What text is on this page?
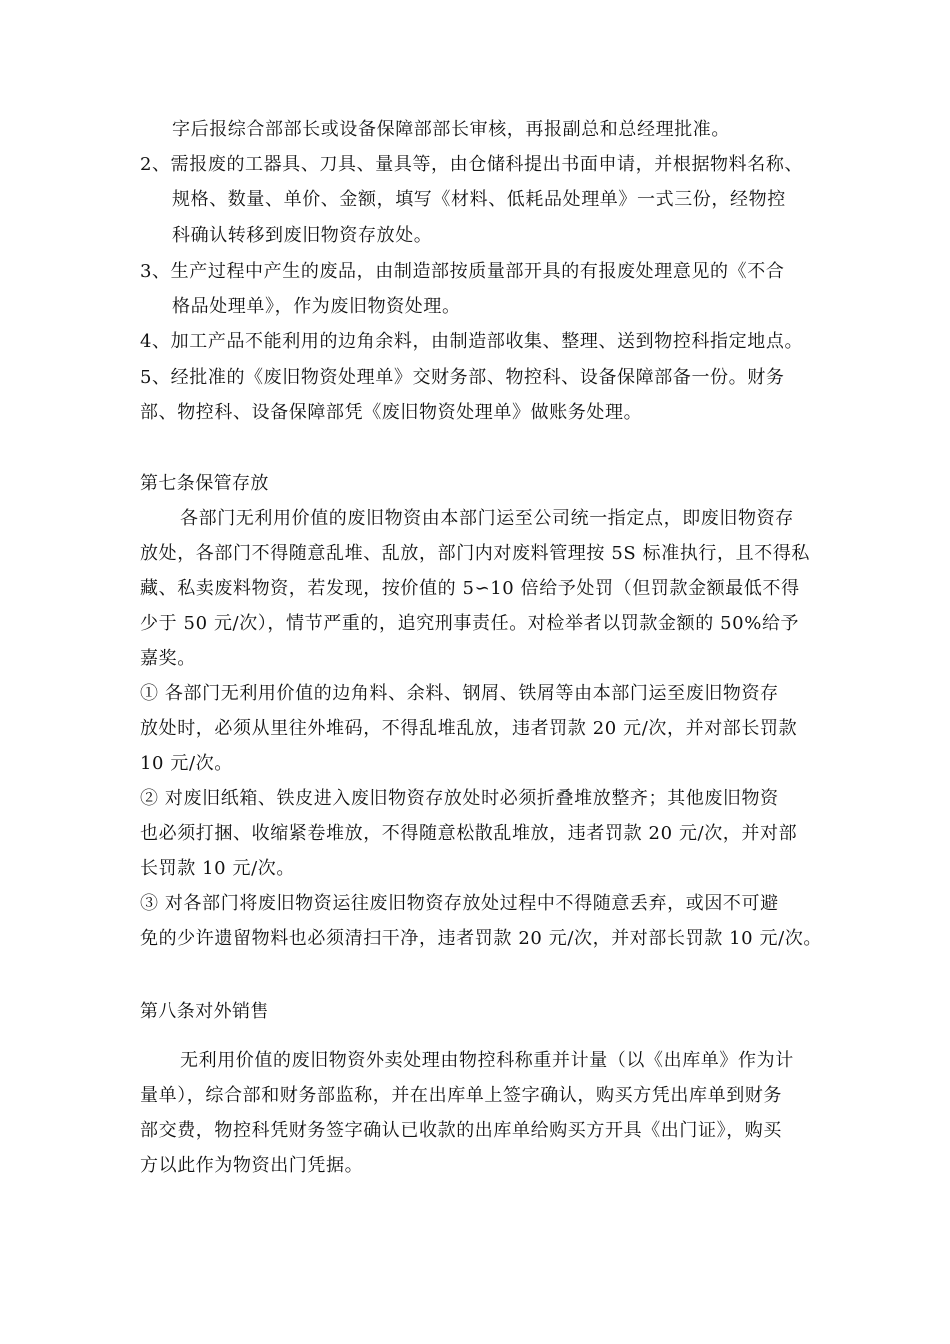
字后报综合部部长或设备保障部部长审核，再报副总和总经理批准。
2、需报废的工器具、刀具、量具等，由仓储科提出书面申请，并根据物料名称、
规格、数量、单价、金额，填写《材料、低耗品处理单》一式三份，经物控
科确认转移到废旧物资存放处。
3、生产过程中产生的废品，由制造部按质量部开具的有报废处理意见的《不合
格品处理单》，作为废旧物资处理。
4、加工产品不能利用的边角余料，由制造部收集、整理、送到物控科指定地点。
5、经批准的《废旧物资处理单》交财务部、物控科、设备保障部备一份。财务
部、物控科、设备保障部凭《废旧物资处理单》做账务处理。
第七条保管存放
各部门无利用价值的废旧物资由本部门运至公司统一指定点，即废旧物资存
放处，各部门不得随意乱堆、乱放，部门内对废料管理按 5S 标准执行，且不得私
藏、私卖废料物资，若发现，按价值的 5∽10 倍给予处罚（但罚款金额最低不得
少于 50 元/次），情节严重的，追究刑事责任。对检举者以罚款金额的 50%给予
嘉奖。
① 各部门无利用价值的边角料、余料、钢屑、铁屑等由本部门运至废旧物资存
放处时，必须从里往外堆码，不得乱堆乱放，违者罚款 20 元/次，并对部长罚款
10 元/次。
② 对废旧纸箱、铁皮进入废旧物资存放处时必须折叠堆放整齐；其他废旧物资
也必须打捆、收缩紧卷堆放，不得随意松散乱堆放，违者罚款 20 元/次，并对部
长罚款 10 元/次。
③ 对各部门将废旧物资运往废旧物资存放处过程中不得随意丢弃，或因不可避
免的少许遗留物料也必须清扫干净，违者罚款 20 元/次，并对部长罚款 10 元/次。
第八条对外销售
无利用价值的废旧物资外卖处理由物控科称重并计量（以《出库单》作为计
量单），综合部和财务部监称，并在出库单上签字确认，购买方凭出库单到财务
部交费，物控科凭财务签字确认已收款的出库单给购买方开具《出门证》，购买
方以此作为物资出门凭据。
